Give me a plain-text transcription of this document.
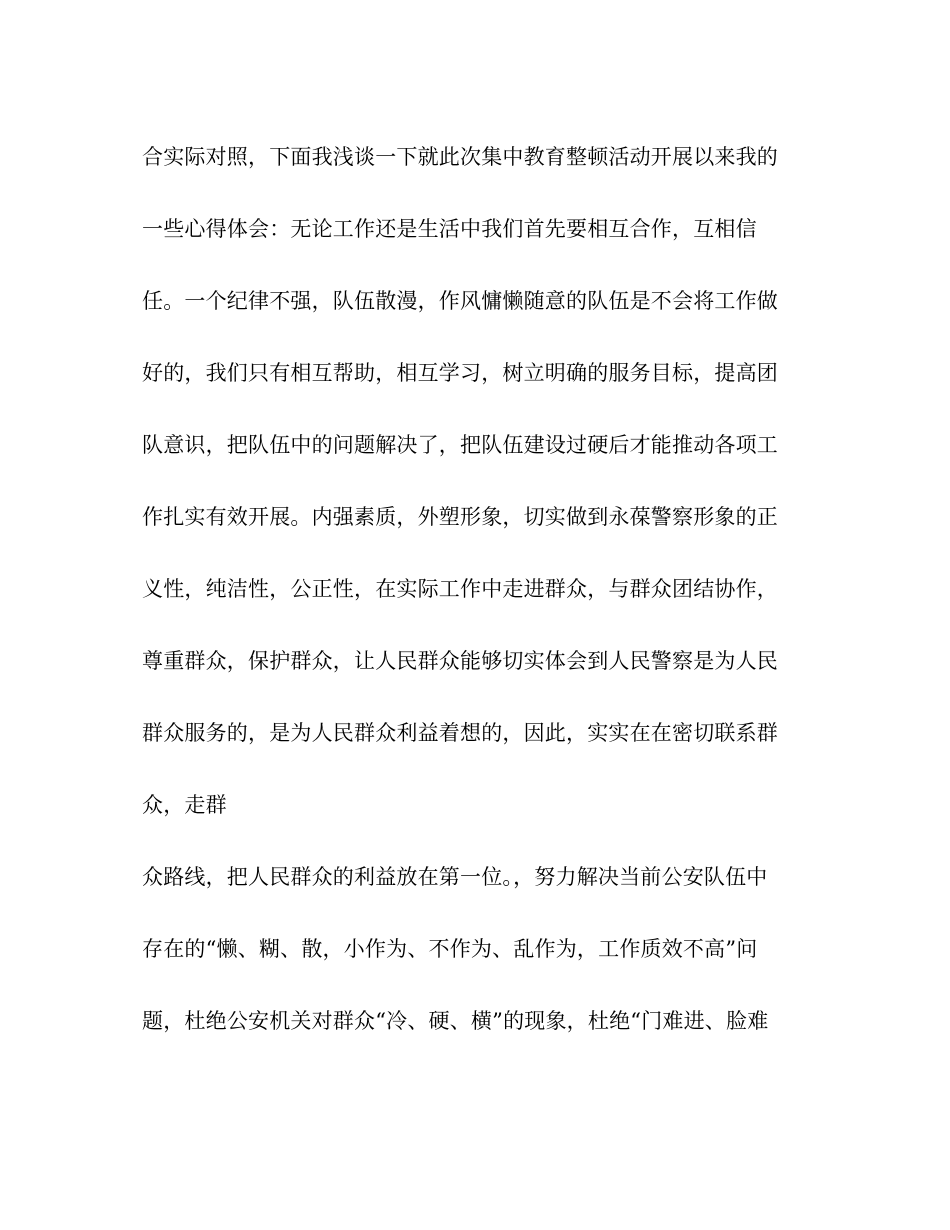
合实际对照，下面我浅谈一下就此次集中教育整顿活动开展以来我的
一些心得体会：无论工作还是生活中我们首先要相互合作，互相信
任。一个纪律不强，队伍散漫，作风慵懒随意的队伍是不会将工作做
好的，我们只有相互帮助，相互学习，树立明确的服务目标，提高团
队意识，把队伍中的问题解决了，把队伍建设过硬后才能推动各项工
作扎实有效开展。内强素质，外塑形象，切实做到永葆警察形象的正
义性，纯洁性，公正性，在实际工作中走进群众，与群众团结协作，
尊重群众，保护群众，让人民群众能够切实体会到人民警察是为人民
群众服务的，是为人民群众利益着想的，因此，实实在在密切联系群
众，走群
众路线，把人民群众的利益放在第一位。，努力解决当前公安队伍中
存在的“懒、糊、散，小作为、不作为、乱作为，工作质效不高”问
题，杜绝公安机关对群众“冷、硬、横”的现象，杜绝“门难进、脸难
